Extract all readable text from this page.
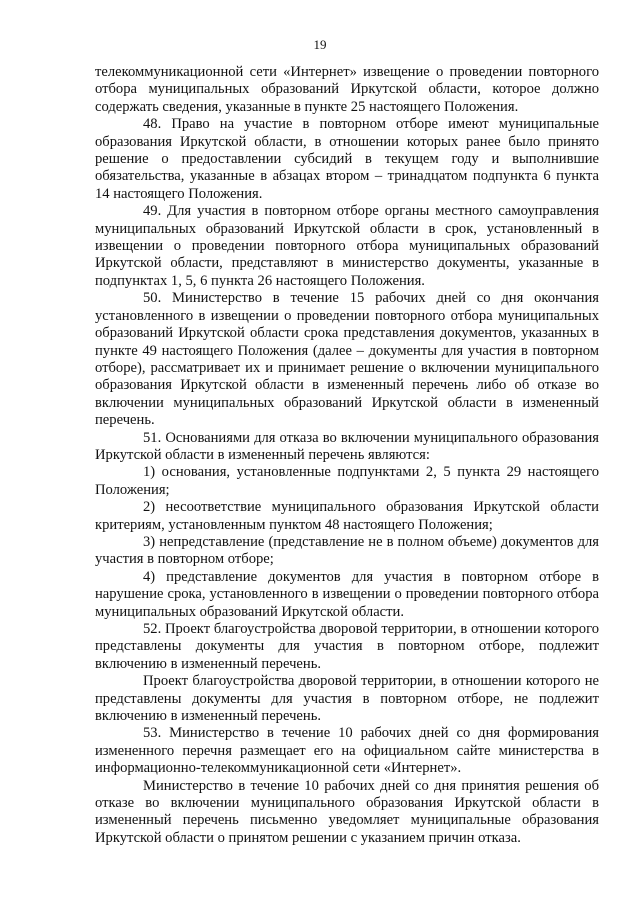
19

телекоммуникационной сети «Интернет» извещение о проведении повторного отбора муниципальных образований Иркутской области, которое должно содержать сведения, указанные в пункте 25 настоящего Положения.

48. Право на участие в повторном отборе имеют муниципальные образования Иркутской области, в отношении которых ранее было принято решение о предоставлении субсидий в текущем году и выполнившие обязательства, указанные в абзацах втором – тринадцатом подпункта 6 пункта 14 настоящего Положения.

49. Для участия в повторном отборе органы местного самоуправления муниципальных образований Иркутской области в срок, установленный в извещении о проведении повторного отбора муниципальных образований Иркутской области, представляют в министерство документы, указанные в подпунктах 1, 5, 6 пункта 26 настоящего Положения.

50. Министерство в течение 15 рабочих дней со дня окончания установленного в извещении о проведении повторного отбора муниципальных образований Иркутской области срока представления документов, указанных в пункте 49 настоящего Положения (далее – документы для участия в повторном отборе), рассматривает их и принимает решение о включении муниципального образования Иркутской области в измененный перечень либо об отказе во включении муниципальных образований Иркутской области в измененный перечень.

51. Основаниями для отказа во включении муниципального образования Иркутской области в измененный перечень являются:

1) основания, установленные подпунктами 2, 5 пункта 29 настоящего Положения;

2) несоответствие муниципального образования Иркутской области критериям, установленным пунктом 48 настоящего Положения;

3) непредставление (представление не в полном объеме) документов для участия в повторном отборе;

4) представление документов для участия в повторном отборе в нарушение срока, установленного в извещении о проведении повторного отбора муниципальных образований Иркутской области.

52. Проект благоустройства дворовой территории, в отношении которого представлены документы для участия в повторном отборе, подлежит включению в измененный перечень.

Проект благоустройства дворовой территории, в отношении которого не представлены документы для участия в повторном отборе, не подлежит включению в измененный перечень.

53. Министерство в течение 10 рабочих дней со дня формирования измененного перечня размещает его на официальном сайте министерства в информационно-телекоммуникационной сети «Интернет».

Министерство в течение 10 рабочих дней со дня принятия решения об отказе во включении муниципального образования Иркутской области в измененный перечень письменно уведомляет муниципальные образования Иркутской области о принятом решении с указанием причин отказа.
